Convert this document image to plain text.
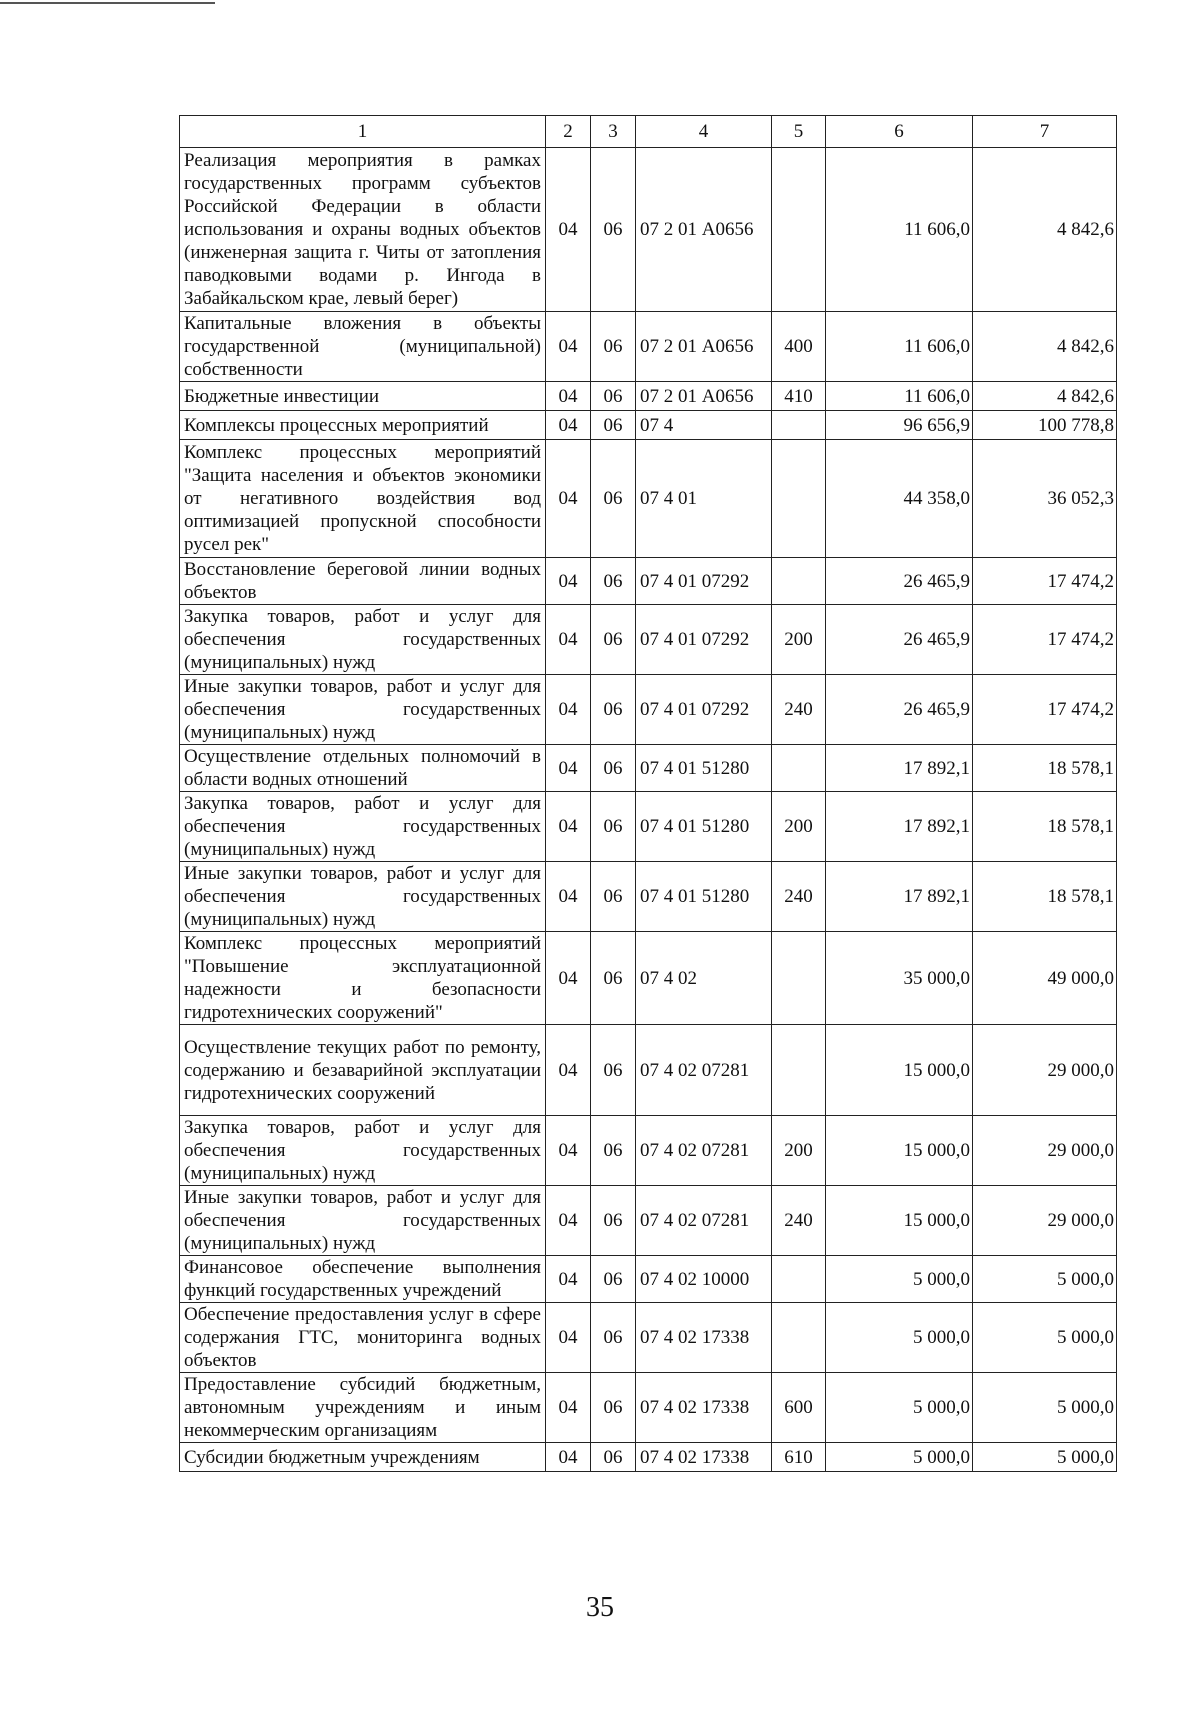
1	2	3	4	5	6	7
Реализация мероприятия в рамках государственных программ субъектов Российской Федерации в области использования и охраны водных объектов (инженерная защита г. Читы от затопления паводковыми водами р. Ингода в Забайкальском крае, левый берег)	04	06	07 2 01 А0656		11 606,0	4 842,6
Капитальные вложения в объекты государственной (муниципальной) собственности	04	06	07 2 01 А0656	400	11 606,0	4 842,6
Бюджетные инвестиции	04	06	07 2 01 А0656	410	11 606,0	4 842,6
Комплексы процессных мероприятий	04	06	07 4		96 656,9	100 778,8
Комплекс процессных мероприятий "Защита населения и объектов экономики от негативного воздействия вод оптимизацией пропускной способности русел рек"	04	06	07 4 01		44 358,0	36 052,3
Восстановление береговой линии водных объектов	04	06	07 4 01 07292		26 465,9	17 474,2
Закупка товаров, работ и услуг для обеспечения государственных (муниципальных) нужд	04	06	07 4 01 07292	200	26 465,9	17 474,2
Иные закупки товаров, работ и услуг для обеспечения государственных (муниципальных) нужд	04	06	07 4 01 07292	240	26 465,9	17 474,2
Осуществление отдельных полномочий в области водных отношений	04	06	07 4 01 51280		17 892,1	18 578,1
Закупка товаров, работ и услуг для обеспечения государственных (муниципальных) нужд	04	06	07 4 01 51280	200	17 892,1	18 578,1
Иные закупки товаров, работ и услуг для обеспечения государственных (муниципальных) нужд	04	06	07 4 01 51280	240	17 892,1	18 578,1
Комплекс процессных мероприятий "Повышение эксплуатационной надежности и безопасности гидротехнических сооружений"	04	06	07 4 02		35 000,0	49 000,0
Осуществление текущих работ по ремонту, содержанию и безаварийной эксплуатации гидротехнических сооружений	04	06	07 4 02 07281		15 000,0	29 000,0
Закупка товаров, работ и услуг для обеспечения государственных (муниципальных) нужд	04	06	07 4 02 07281	200	15 000,0	29 000,0
Иные закупки товаров, работ и услуг для обеспечения государственных (муниципальных) нужд	04	06	07 4 02 07281	240	15 000,0	29 000,0
Финансовое обеспечение выполнения функций государственных учреждений	04	06	07 4 02 10000		5 000,0	5 000,0
Обеспечение предоставления услуг в сфере содержания ГТС, мониторинга водных объектов	04	06	07 4 02 17338		5 000,0	5 000,0
Предоставление субсидий бюджетным, автономным учреждениям и иным некоммерческим организациям	04	06	07 4 02 17338	600	5 000,0	5 000,0
Субсидии бюджетным учреждениям	04	06	07 4 02 17338	610	5 000,0	5 000,0
35
